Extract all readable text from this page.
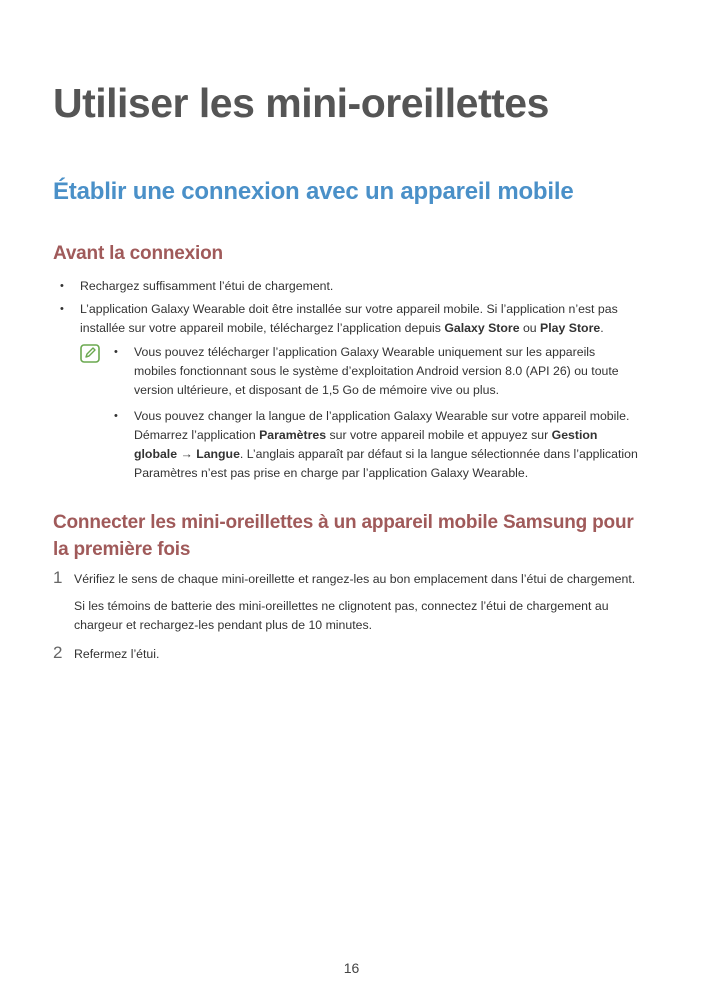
Utiliser les mini-oreillettes
Établir une connexion avec un appareil mobile
Avant la connexion
• Rechargez suffisamment l’étui de chargement.
• L’application Galaxy Wearable doit être installée sur votre appareil mobile. Si l’application n’est pas installée sur votre appareil mobile, téléchargez l’application depuis Galaxy Store ou Play Store.
• Vous pouvez télécharger l’application Galaxy Wearable uniquement sur les appareils mobiles fonctionnant sous le système d’exploitation Android version 8.0 (API 26) ou toute version ultérieure, et disposant de 1,5 Go de mémoire vive ou plus.
• Vous pouvez changer la langue de l’application Galaxy Wearable sur votre appareil mobile. Démarrez l’application Paramètres sur votre appareil mobile et appuyez sur Gestion globale → Langue. L’anglais apparaît par défaut si la langue sélectionnée dans l’application Paramètres n’est pas prise en charge par l’application Galaxy Wearable.
Connecter les mini-oreillettes à un appareil mobile Samsung pour la première fois
1 Vérifiez le sens de chaque mini-oreillette et rangez-les au bon emplacement dans l’étui de chargement.
Si les témoins de batterie des mini-oreillettes ne clignotent pas, connectez l’étui de chargement au chargeur et rechargez-les pendant plus de 10 minutes.
2 Refermez l’étui.
16
